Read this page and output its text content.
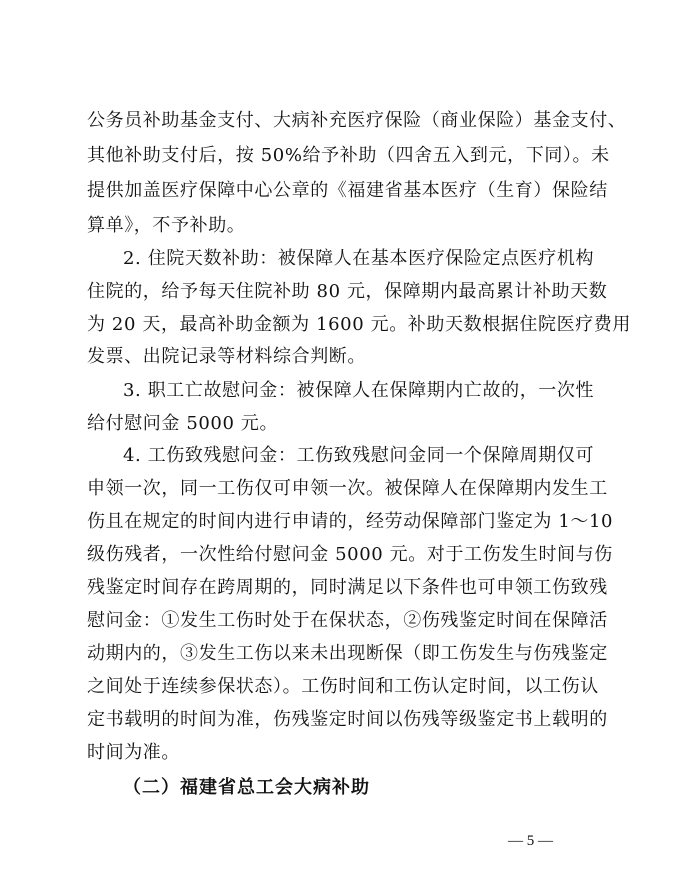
公务员补助基金支付、大病补充医疗保险（商业保险）基金支付、
其他补助支付后，按 50%给予补助（四舍五入到元，下同）。未
提供加盖医疗保障中心公章的《福建省基本医疗（生育）保险结
算单》，不予补助。
2. 住院天数补助：被保障人在基本医疗保险定点医疗机构
住院的，给予每天住院补助 80 元，保障期内最高累计补助天数
为 20 天，最高补助金额为 1600 元。补助天数根据住院医疗费用
发票、出院记录等材料综合判断。
3. 职工亡故慰问金：被保障人在保障期内亡故的，一次性
给付慰问金 5000 元。
4. 工伤致残慰问金：工伤致残慰问金同一个保障周期仅可
申领一次，同一工伤仅可申领一次。被保障人在保障期内发生工
伤且在规定的时间内进行申请的，经劳动保障部门鉴定为 1～10
级伤残者，一次性给付慰问金 5000 元。对于工伤发生时间与伤
残鉴定时间存在跨周期的，同时满足以下条件也可申领工伤致残
慰问金：①发生工伤时处于在保状态，②伤残鉴定时间在保障活
动期内的，③发生工伤以来未出现断保（即工伤发生与伤残鉴定
之间处于连续参保状态）。工伤时间和工伤认定时间，以工伤认
定书载明的时间为准，伤残鉴定时间以伤残等级鉴定书上载明的
时间为准。
（二）福建省总工会大病补助
— 5 —
